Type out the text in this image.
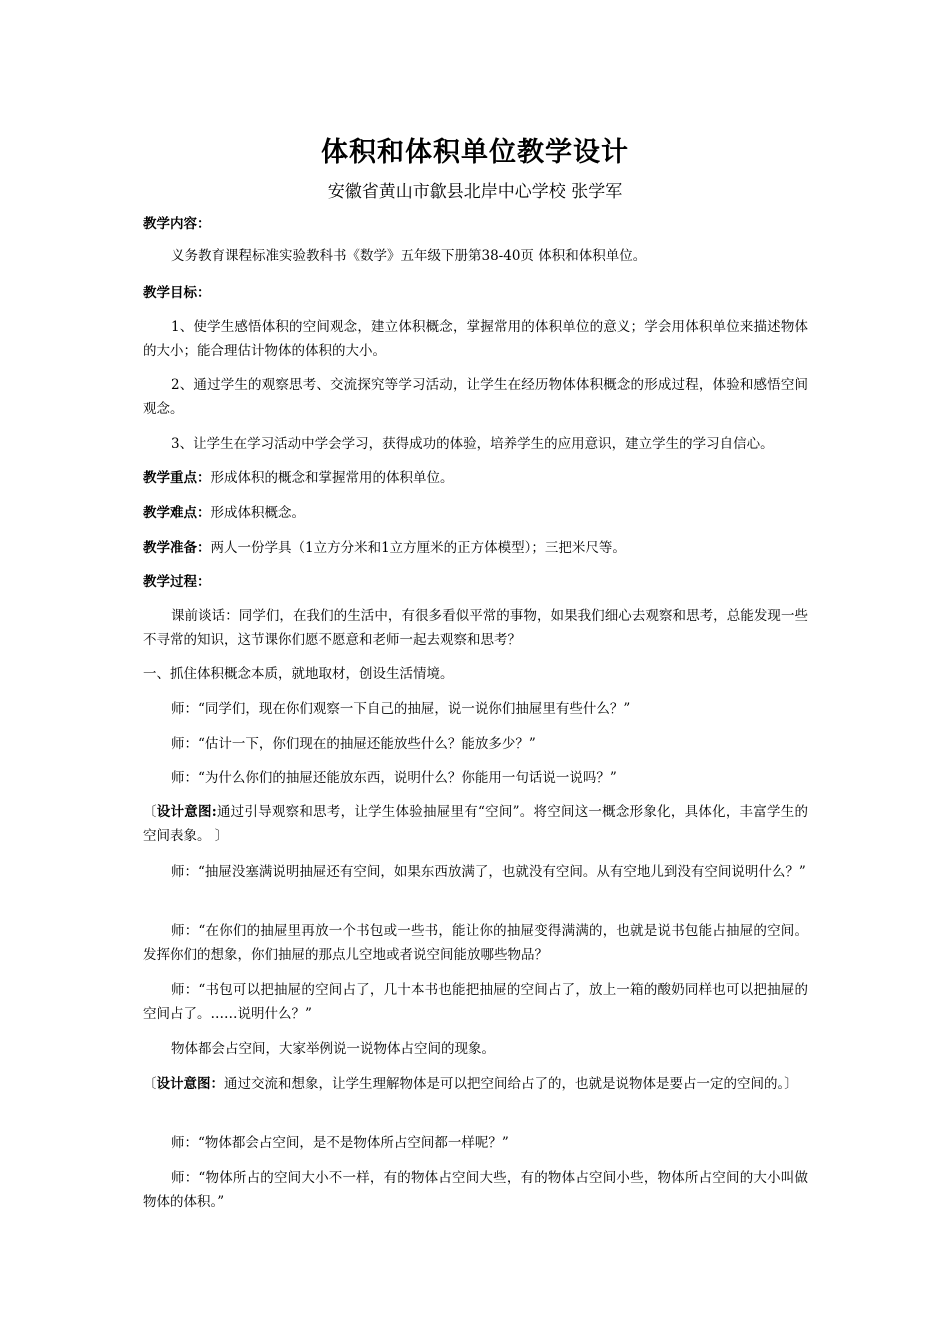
体积和体积单位教学设计
安徽省黄山市歙县北岸中心学校 张学军
教学内容：
义务教育课程标准实验教科书《数学》五年级下册第38-40页 体积和体积单位。
教学目标：
1、使学生感悟体积的空间观念，建立体积概念，掌握常用的体积单位的意义；学会用体积单位来描述物体的大小；能合理估计物体的体积的大小。
2、通过学生的观察思考、交流探究等学习活动，让学生在经历物体体积概念的形成过程，体验和感悟空间观念。
3、让学生在学习活动中学会学习，获得成功的体验，培养学生的应用意识，建立学生的学习自信心。
教学重点：形成体积的概念和掌握常用的体积单位。
教学难点：形成体积概念。
教学准备：两人一份学具（1立方分米和1立方厘米的正方体模型）；三把米尺等。
教学过程：
课前谈话：同学们，在我们的生活中，有很多看似平常的事物，如果我们细心去观察和思考，总能发现一些不寻常的知识，这节课你们愿不愿意和老师一起去观察和思考？
一、抓住体积概念本质，就地取材，创设生活情境。
师：“同学们，现在你们观察一下自己的抽屉，说一说你们抽屉里有些什么？”
师：“估计一下，你们现在的抽屉还能放些什么？能放多少？”
师：“为什么你们的抽屉还能放东西，说明什么？你能用一句话说一说吗？”
〔设计意图:通过引导观察和思考，让学生体验抽屉里有“空间”。将空间这一概念形象化，具体化，丰富学生的空间表象。 〕
师：“抽屉没塞满说明抽屉还有空间，如果东西放满了，也就没有空间。从有空地儿到没有空间说明什么？”
师：“在你们的抽屉里再放一个书包或一些书，能让你的抽屉变得满满的，也就是说书包能占抽屉的空间。发挥你们的想象，你们抽屉的那点儿空地或者说空间能放哪些物品？
师：“书包可以把抽屉的空间占了，几十本书也能把抽屉的空间占了，放上一箱的酸奶同样也可以把抽屉的空间占了。……说明什么？”
物体都会占空间，大家举例说一说物体占空间的现象。
〔设计意图：通过交流和想象，让学生理解物体是可以把空间给占了的，也就是说物体是要占一定的空间的。〕
师：“物体都会占空间，是不是物体所占空间都一样呢？”
师：“物体所占的空间大小不一样，有的物体占空间大些，有的物体占空间小些，物体所占空间的大小叫做物体的体积。”
